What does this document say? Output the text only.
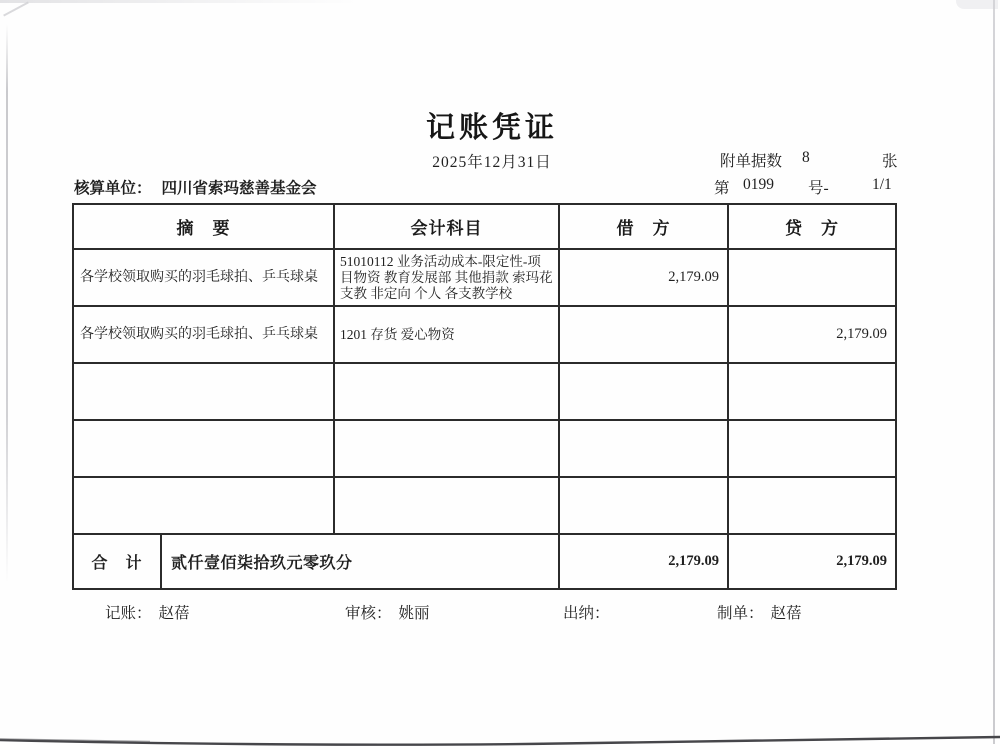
记账凭证
2025年12月31日	附单据数 8	张
第 0199 号-	1/1
核算单位： 四川省索玛慈善基金会
摘　要		会计科目	借　方	贷　方
各学校领取购买的羽毛球拍、乒乓球桌		51010112 业务活动成本-限定性-项目物资 教育发展部 其他捐款 索玛花支教 非定向 个人 各支教学校	2,179.09	
各学校领取购买的羽毛球拍、乒乓球桌		1201 存货 爱心物资		2,179.09

合　计	贰仟壹佰柒拾玖元零玖分		2,179.09	2,179.09
记账： 赵蓓	审核： 姚丽	出纳：	制单： 赵蓓
